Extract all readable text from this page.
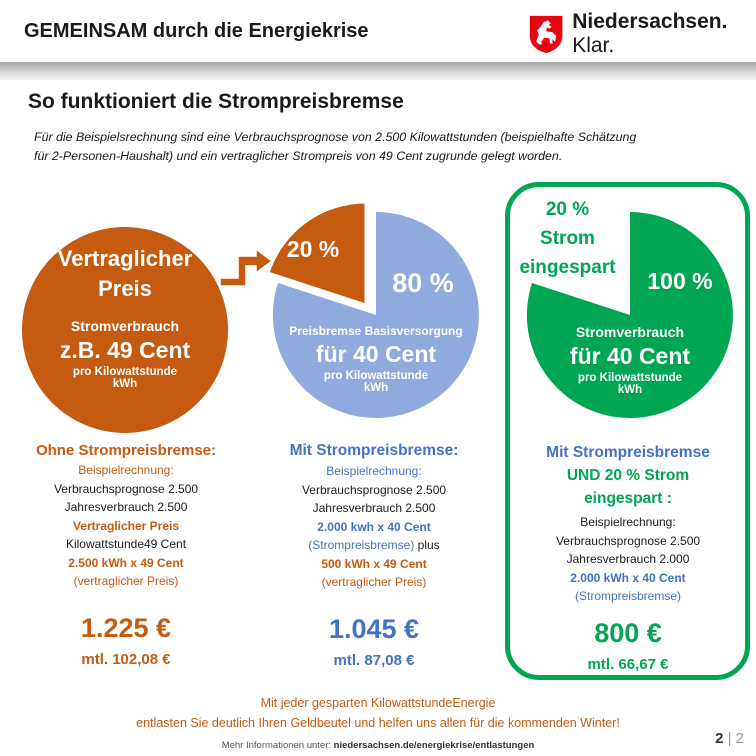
GEMEINSAM durch die Energiekrise	Niedersachsen. Klar.
So funktioniert die Strompreisbremse
Für die Beispielsrechnung sind eine Verbrauchsprognose von 2.500 Kilowattstunden (beispielhafte Schätzung
für 2-Personen-Haushalt) und ein vertraglicher Strompreis von 49 Cent zugrunde gelegt worden.
Vertraglicher
Preis
Stromverbrauch
z.B. 49 Cent
pro Kilowattstunde
kWh
20 %
80 %
Preisbremse Basisversorgung
für 40 Cent
pro Kilowattstunde
kWh
20 %
Strom
eingespart
100 %
Stromverbrauch
für 40 Cent
pro Kilowattstunde
kWh
Ohne Strompreisbremse:
Beispielrechnung:
Verbrauchsprognose 2.500
Jahresverbrauch 2.500
Vertraglicher Preis
Kilowattstunde49 Cent
2.500 kWh x 49 Cent
(vertraglicher Preis)
1.225 €
mtl. 102,08 €
Mit Strompreisbremse:
Beispielrechnung:
Verbrauchsprognose 2.500
Jahresverbrauch 2.500
2.000 kwh x 40 Cent
(Strompreisbremse) plus
500 kWh x 49 Cent
(vertraglicher Preis)
1.045 €
mtl. 87,08 €
Mit Strompreisbremse
UND 20 % Strom
eingespart :
Beispielrechnung:
Verbrauchsprognose 2.500
Jahresverbrauch 2.000
2.000 kWh x 40 Cent
(Strompreisbremse)
800 €
mtl. 66,67 €
Mit jeder gesparten KilowattstundeEnergie
entlasten Sie deutlich Ihren Geldbeutel und helfen uns allen für die kommenden Winter!
Mehr Informationen unter: niedersachsen.de/energiekrise/entlastungen	2 | 2
